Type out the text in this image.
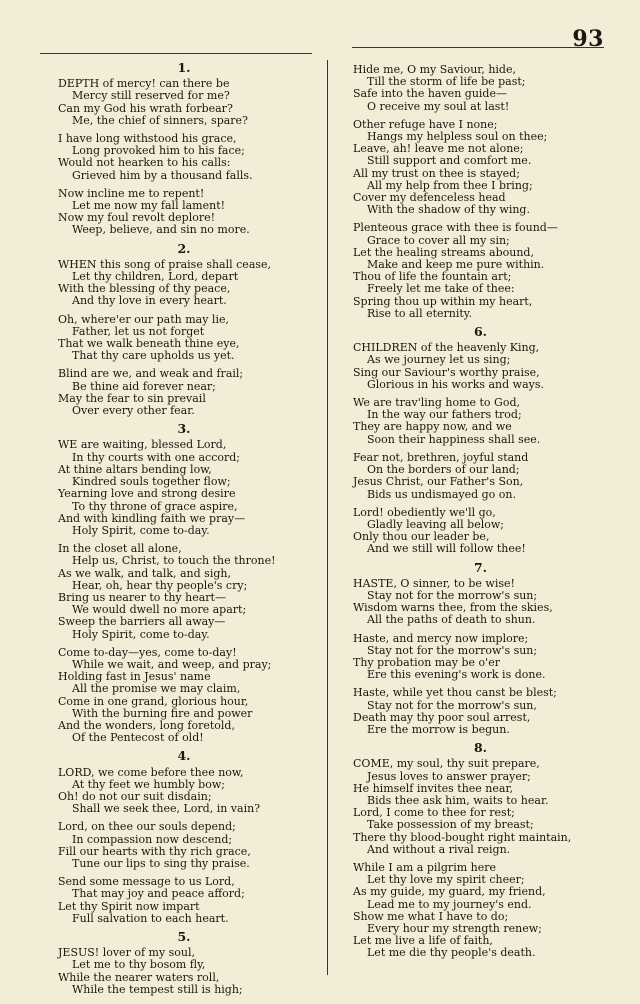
93
1.
DEPTH of mercy! can there be
Mercy still reserved for me?
Can my God his wrath forbear?
Me, the chief of sinners, spare?
I have long withstood his grace,
Long provoked him to his face;
Would not hearken to his calls:
Grieved him by a thousand falls.
Now incline me to repent!
Let me now my fall lament!
Now my foul revolt deplore!
Weep, believe, and sin no more.
2.
WHEN this song of praise shall cease,
Let thy children, Lord, depart
With the blessing of thy peace,
And thy love in every heart.
Oh, where'er our path may lie,
Father, let us not forget
That we walk beneath thine eye,
That thy care upholds us yet.
Blind are we, and weak and frail;
Be thine aid forever near;
May the fear to sin prevail
Over every other fear.
3.
WE are waiting, blessed Lord,
In thy courts with one accord;
At thine altars bending low,
Kindred souls together flow;
Yearning love and strong desire
To thy throne of grace aspire,
And with kindling faith we pray—
Holy Spirit, come to-day.
In the closet all alone,
Help us, Christ, to touch the throne!
As we walk, and talk, and sigh,
Hear, oh, hear thy people's cry;
Bring us nearer to thy heart—
We would dwell no more apart;
Sweep the barriers all away—
Holy Spirit, come to-day.
Come to-day—yes, come to-day!
While we wait, and weep, and pray;
Holding fast in Jesus' name
All the promise we may claim,
Come in one grand, glorious hour,
With the burning fire and power
And the wonders, long foretold,
Of the Pentecost of old!
4.
LORD, we come before thee now,
At thy feet we humbly bow;
Oh! do not our suit disdain;
Shall we seek thee, Lord, in vain?
Lord, on thee our souls depend;
In compassion now descend;
Fill our hearts with thy rich grace,
Tune our lips to sing thy praise.
Send some message to us Lord,
That may joy and peace afford;
Let thy Spirit now impart
Full salvation to each heart.
5.
JESUS! lover of my soul,
Let me to thy bosom fly,
While the nearer waters roll,
While the tempest still is high;
Hide me, O my Saviour, hide,
Till the storm of life be past;
Safe into the haven guide—
O receive my soul at last!
Other refuge have I none;
Hangs my helpless soul on thee;
Leave, ah! leave me not alone;
Still support and comfort me.
All my trust on thee is stayed;
All my help from thee I bring;
Cover my defenceless head
With the shadow of thy wing.
Plenteous grace with thee is found—
Grace to cover all my sin;
Let the healing streams abound,
Make and keep me pure within.
Thou of life the fountain art;
Freely let me take of thee:
Spring thou up within my heart,
Rise to all eternity.
6.
CHILDREN of the heavenly King,
As we journey let us sing;
Sing our Saviour's worthy praise,
Glorious in his works and ways.
We are trav'ling home to God,
In the way our fathers trod;
They are happy now, and we
Soon their happiness shall see.
Fear not, brethren, joyful stand
On the borders of our land;
Jesus Christ, our Father's Son,
Bids us undismayed go on.
Lord! obediently we'll go,
Gladly leaving all below;
Only thou our leader be,
And we still will follow thee!
7.
HASTE, O sinner, to be wise!
Stay not for the morrow's sun;
Wisdom warns thee, from the skies,
All the paths of death to shun.
Haste, and mercy now implore;
Stay not for the morrow's sun;
Thy probation may be o'er
Ere this evening's work is done.
Haste, while yet thou canst be blest;
Stay not for the morrow's sun,
Death may thy poor soul arrest,
Ere the morrow is begun.
8.
COME, my soul, thy suit prepare,
Jesus loves to answer prayer;
He himself invites thee near,
Bids thee ask him, waits to hear.
Lord, I come to thee for rest;
Take possession of my breast;
There thy blood-bought right maintain,
And without a rival reign.
While I am a pilgrim here
Let thy love my spirit cheer;
As my guide, my guard, my friend,
Lead me to my journey's end.
Show me what I have to do;
Every hour my strength renew;
Let me live a life of faith,
Let me die thy people's death.
